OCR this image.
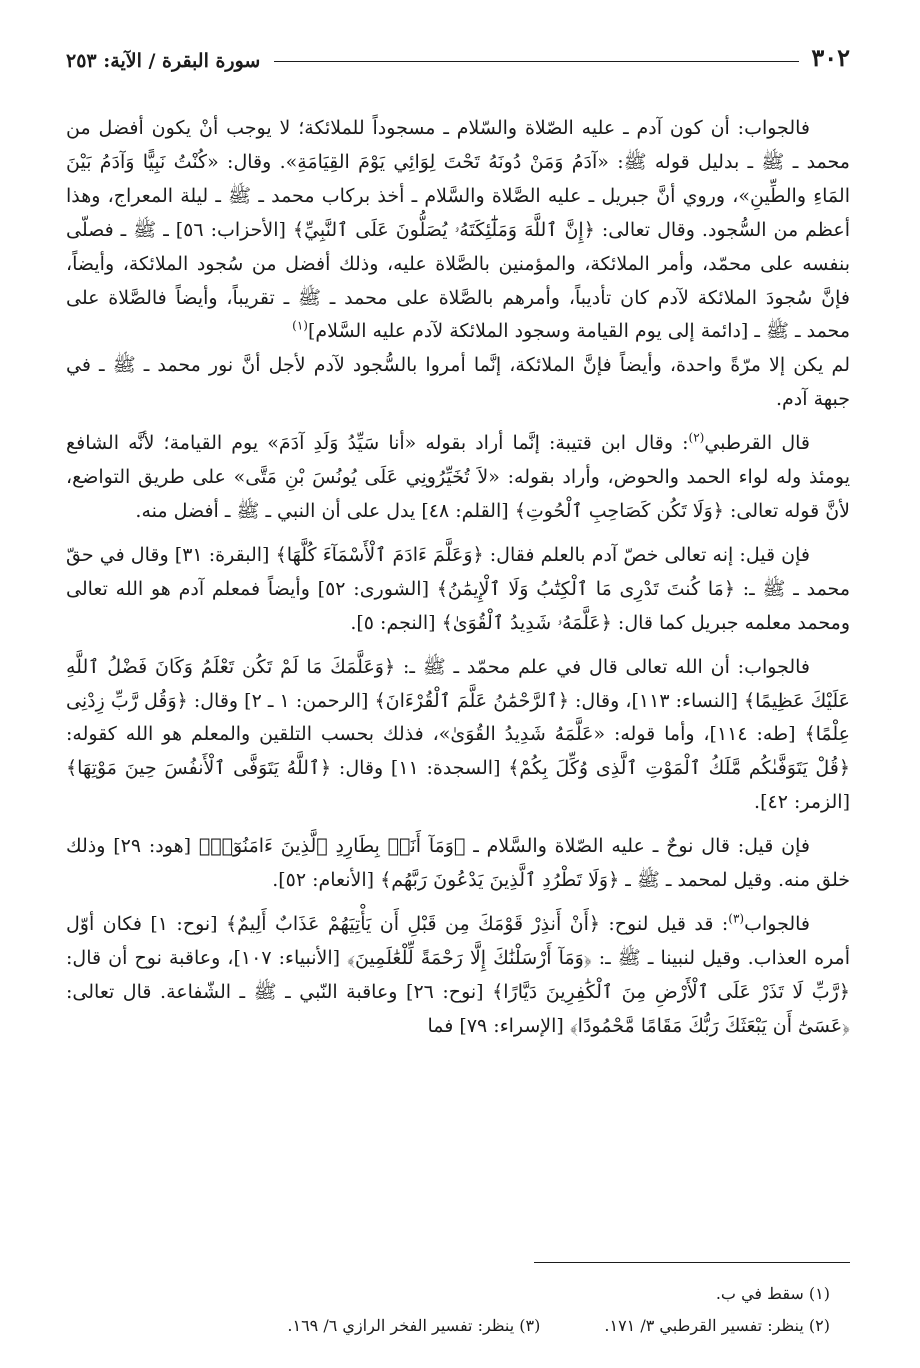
٣٠٢
سورة البقرة / الآية: ٢٥٣

فالجواب: أن كون آدم ـ عليه الصّلاة والسّلام ـ مسجوداً للملائكة؛ لا يوجب أنْ يكون أفضل من محمد ـ ﷺ ـ بدليل قوله ﷺ: «آدَمُ وَمَنْ دُونَهُ تَحْتَ لِوَائِي يَوْمَ القِيَامَةِ». وقال: «كُنْتُ نَبِيًّا وَآدَمُ بَيْنَ المَاءِ والطِّينِ»، وروي أنَّ جبريل ـ عليه الصَّلاة والسَّلام ـ أخذ بركاب محمد ـ ﷺ ـ ليلة المعراج، وهذا أعظم من السُّجود. وقال تعالى: ﴿إِنَّ ٱللَّهَ وَمَلَٰٓئِكَتَهُۥ يُصَلُّونَ عَلَى ٱلنَّبِيِّ﴾ [الأحزاب: ٥٦] ـ ﷺ ـ فصلّى بنفسه على محمّد، وأمر الملائكة، والمؤمنين بالصَّلاة عليه، وذلك أفضل من سُجود الملائكة، وأيضاً، فإنَّ سُجودَ الملائكة لآدم كان تأديباً، وأمرهم بالصَّلاة على محمد ـ ﷺ ـ تقريباً، وأيضاً فالصَّلاة على محمد ـ ﷺ ـ [دائمة إلى يوم القيامة وسجود الملائكة لآدم عليه السَّلام]$^{(١)}$

لم يكن إلا مرّةً واحدة، وأيضاً فإنَّ الملائكة، إنَّما أمروا بالسُّجود لآدم لأجل أنَّ نور محمد ـ ﷺ ـ في جبهة آدم.

قال القرطبي$^{(٢)}$: وقال ابن قتيبة: إنَّما أراد بقوله «أنا سَيِّدُ وَلَدِ آدَمَ» يوم القيامة؛ لأنَّه الشافع يومئذ وله لواء الحمد والحوض، وأراد بقوله: «لاَ تُخَيِّرُونِي عَلَى يُونُسَ بْنِ مَتَّى» على طريق التواضع، لأنَّ قوله تعالى: ﴿وَلَا تَكُن كَصَاحِبِ ٱلْحُوتِ﴾ [القلم: ٤٨] يدل على أن النبي ـ ﷺ ـ أفضل منه.

فإن قيل: إنه تعالى خصّ آدم بالعلم فقال: ﴿وَعَلَّمَ ءَادَمَ ٱلْأَسْمَآءَ كُلَّهَا﴾ [البقرة: ٣١] وقال في حقّ محمد ـ ﷺ ـ: ﴿مَا كُنتَ تَدْرِى مَا ٱلْكِتَٰبُ وَلَا ٱلْإِيمَٰنُ﴾ [الشورى: ٥٢] وأيضاً فمعلم آدم هو الله تعالى ومحمد معلمه جبريل كما قال: ﴿عَلَّمَهُۥ شَدِيدُ ٱلْقُوَىٰ﴾ [النجم: ٥].

فالجواب: أن الله تعالى قال في علم محمّد ـ ﷺ ـ: ﴿وَعَلَّمَكَ مَا لَمْ تَكُن تَعْلَمُ وَكَانَ فَضْلُ ٱللَّهِ عَلَيْكَ عَظِيمًا﴾ [النساء: ١١٣]، وقال: ﴿ٱلرَّحْمَٰنُ عَلَّمَ ٱلْقُرْءَانَ﴾ [الرحمن: ١ ـ ٢] وقال: ﴿وَقُل رَّبِّ زِدْنِى عِلْمًا﴾ [طه: ١١٤]، وأما قوله: «عَلَّمَهُ شَدِيدُ القُوَىٰ»، فذلك بحسب التلقين والمعلم هو الله كقوله: ﴿قُلْ يَتَوَفَّىٰكُم مَّلَكُ ٱلْمَوْتِ ٱلَّذِى وُكِّلَ بِكُمْ﴾ [السجدة: ١١] وقال: ﴿ٱللَّهُ يَتَوَفَّى ٱلْأَنفُسَ حِينَ مَوْتِهَا﴾ [الزمر: ٤٢].

فإن قيل: قال نوحٌ ـ عليه الصّلاة والسَّلام ـ ﴿وَمَآ أَنَا۠ بِطَارِدِ ٱلَّذِينَ ءَامَنُوٓا۟﴾ [هود: ٢٩] وذلك خلق منه. وقيل لمحمد ـ ﷺ ـ ﴿وَلَا تَطْرُدِ ٱلَّذِينَ يَدْعُونَ رَبَّهُم﴾ [الأنعام: ٥٢].

فالجواب$^{(٣)}$: قد قيل لنوح: ﴿أَنْ أَنذِرْ قَوْمَكَ مِن قَبْلِ أَن يَأْتِيَهُمْ عَذَابٌ أَلِيمٌ﴾ [نوح: ١] فكان أوّل أمره العذاب. وقيل لنبينا ـ ﷺ ـ: ﴿وَمَآ أَرْسَلْنَٰكَ إِلَّا رَحْمَةً لِّلْعَٰلَمِينَ﴾ [الأنبياء: ١٠٧]، وعاقبة نوح أن قال: ﴿رَّبِّ لَا تَذَرْ عَلَى ٱلْأَرْضِ مِنَ ٱلْكَٰفِرِينَ دَيَّارًا﴾ [نوح: ٢٦] وعاقبة النّبي ـ ﷺ ـ الشّفاعة. قال تعالى: ﴿عَسَىٰٓ أَن يَبْعَثَكَ رَبُّكَ مَقَامًا مَّحْمُودًا﴾ [الإسراء: ٧٩] فما

(١) سقط في ب.
(٢) ينظر: تفسير القرطبي ٣/ ١٧١.
(٣) ينظر: تفسير الفخر الرازي ٦/ ١٦٩.
